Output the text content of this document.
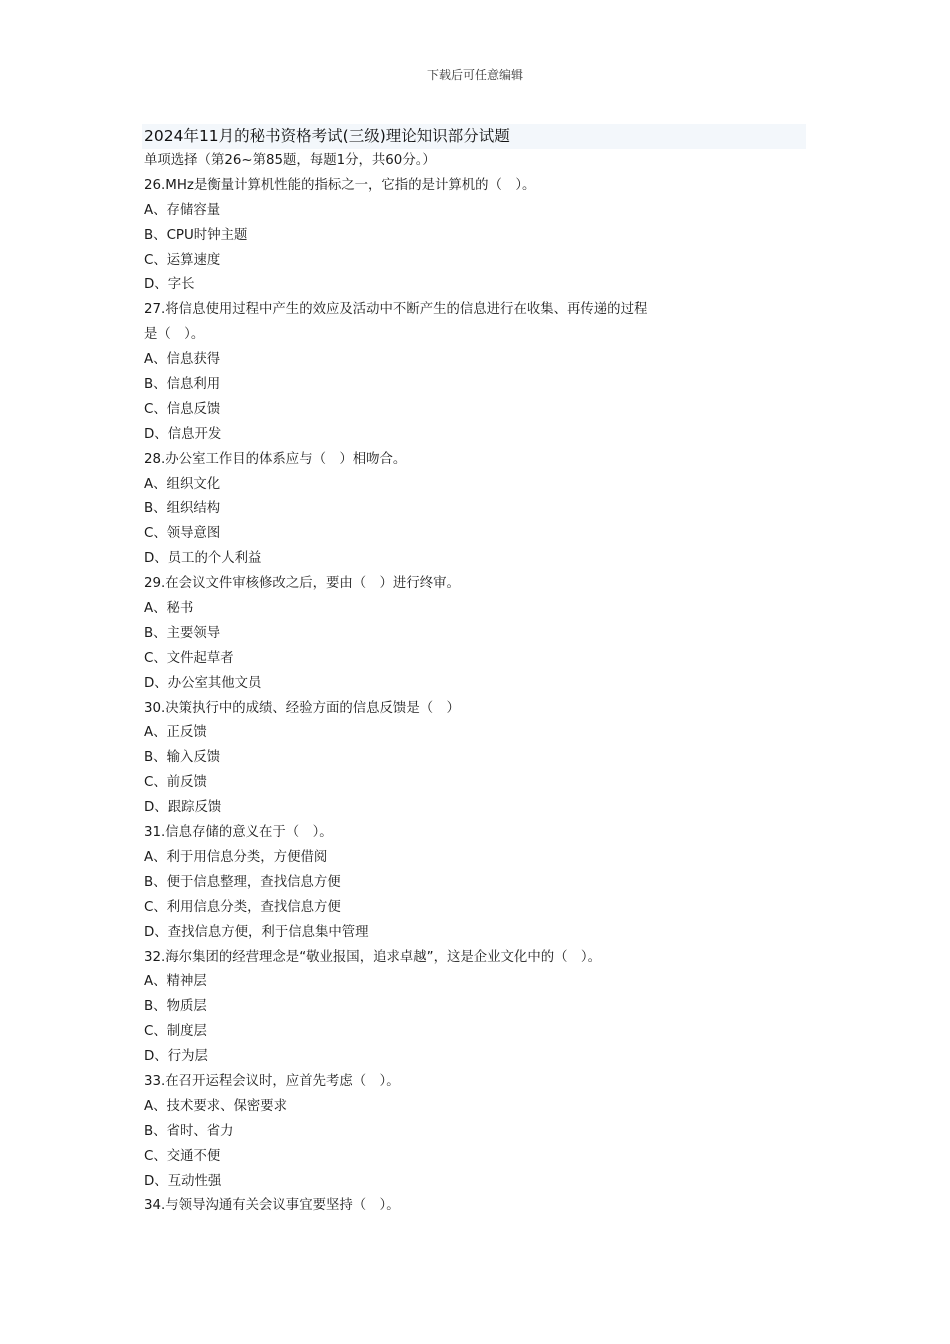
下载后可任意编辑
2024年11月的秘书资格考试(三级)理论知识部分试题
单项选择（第26~第85题，每题1分，共60分。）
26.MHz是衡量计算机性能的指标之一，它指的是计算机的（　）。
A、存储容量
B、CPU时钟主题
C、运算速度
D、字长
27.将信息使用过程中产生的效应及活动中不断产生的信息进行在收集、再传递的过程
是（　）。
A、信息获得
B、信息利用
C、信息反馈
D、信息开发
28.办公室工作目的体系应与（　）相吻合。
A、组织文化
B、组织结构
C、领导意图
D、员工的个人利益
29.在会议文件审核修改之后，要由（　）进行终审。
A、秘书
B、主要领导
C、文件起草者
D、办公室其他文员
30.决策执行中的成绩、经验方面的信息反馈是（　）
A、正反馈
B、输入反馈
C、前反馈
D、跟踪反馈
31.信息存储的意义在于（　）。
A、利于用信息分类，方便借阅
B、便于信息整理，查找信息方便
C、利用信息分类，查找信息方便
D、查找信息方便，利于信息集中管理
32.海尔集团的经营理念是“敬业报国，追求卓越”，这是企业文化中的（　）。
A、精神层
B、物质层
C、制度层
D、行为层
33.在召开运程会议时，应首先考虑（　）。
A、技术要求、保密要求
B、省时、省力
C、交通不便
D、互动性强
34.与领导沟通有关会议事宜要坚持（　）。
